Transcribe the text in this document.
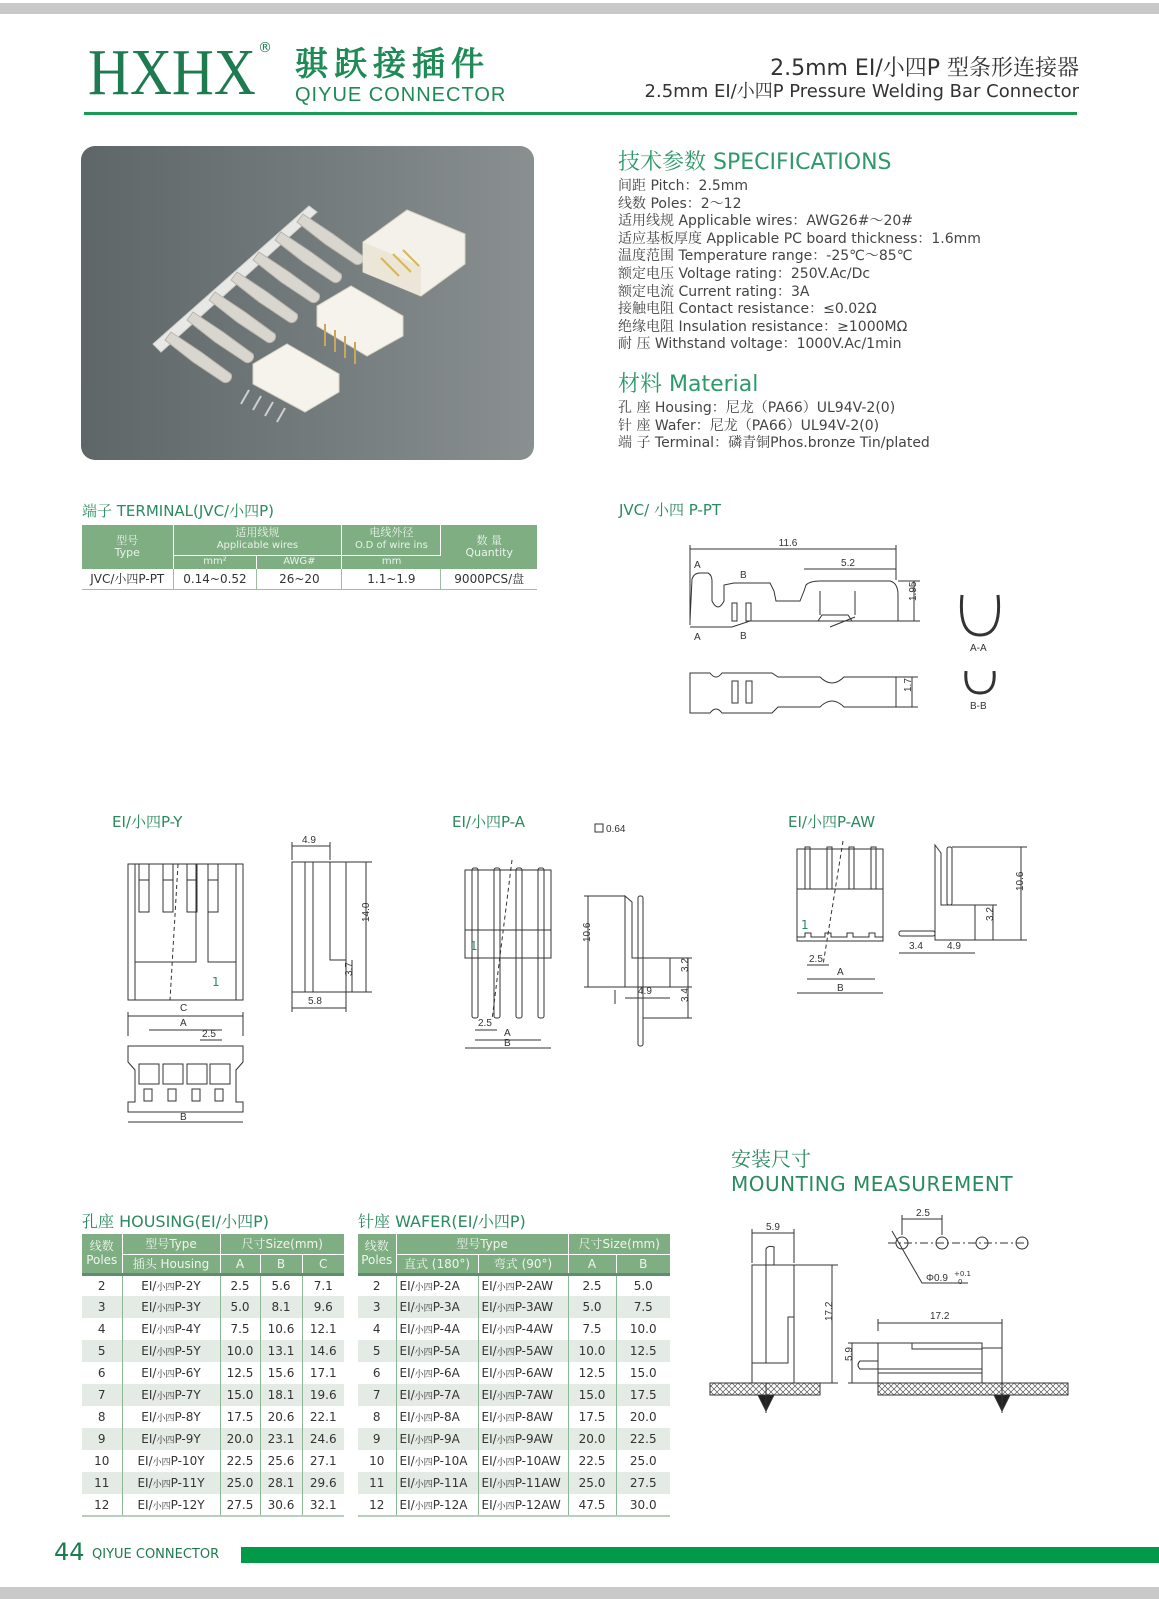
HXHX ® 骐跃接插件
QIYUE CONNECTOR
2.5mm EI/小四P 型条形连接器
2.5mm EI/小四P Pressure Welding Bar Connector
技术参数 SPECIFICATIONS
间距 Pitch：2.5mm
线数 Poles：2～12
适用线规 Applicable wires：AWG26#～20#
适应基板厚度 Applicable PC board thickness：1.6mm
温度范围 Temperature range：-25℃～85℃
额定电压 Voltage rating：250V.Ac/Dc
额定电流 Current rating：3A
接触电阻 Contact resistance：≤0.02Ω
绝缘电阻 Insulation resistance：≥1000MΩ
耐 压 Withstand voltage：1000V.Ac/1min
材料 Material
孔 座 Housing：尼龙（PA66）UL94V-2(0)
针 座 Wafer：尼龙（PA66）UL94V-2(0)
端 子 Terminal：磷青铜Phos.bronze Tin/plated
端子 TERMINAL(JVC/小四P)
型号
Type	适用线规
Applicable wires		电线外径
O.D of wire ins	数 量
Quantity
	mm²	AWG#	mm	
JVC/小四P-PT	0.14~0.52	26~20	1.1~1.9	9000PCS/盘
JVC/ 小四 P-PT
11.6
5.2
1.95
A
B
A	B
1.7
A-A
B-B
EI/小四P-Y
1
4.9
14.0
3.7
5.8
C
A
2.5
B
EI/小四P-A
1
2.5
A
B
0.64
10.6
3.2
3.4
4.9
EI/小四P-AW
1
2.5
A
B
10.6
3.2
3.4 4.9
安装尺寸
MOUNTING MEASUREMENT
5.9
17.2
2.5
Φ0.9 +0.1
0
17.2
5.9
孔座 HOUSING(EI/小四P)
线数
Poles	型号Type	尺寸Size(mm)		
	插头 Housing	A	B	C
2	EI/小四P-2Y	2.5	5.6	7.1
3	EI/小四P-3Y	5.0	8.1	9.6
4	EI/小四P-4Y	7.5	10.6	12.1
5	EI/小四P-5Y	10.0	13.1	14.6
6	EI/小四P-6Y	12.5	15.6	17.1
7	EI/小四P-7Y	15.0	18.1	19.6
8	EI/小四P-8Y	17.5	20.6	22.1
9	EI/小四P-9Y	20.0	23.1	24.6
10	EI/小四P-10Y	22.5	25.6	27.1
11	EI/小四P-11Y	25.0	28.1	29.6
12	EI/小四P-12Y	27.5	30.6	32.1
针座 WAFER(EI/小四P)
线数
Poles	型号Type		尺寸Size(mm)	
	直式 (180°)	弯式 (90°)	A	B
2	EI/小四P-2A	EI/小四P-2AW	2.5	5.0
3	EI/小四P-3A	EI/小四P-3AW	5.0	7.5
4	EI/小四P-4A	EI/小四P-4AW	7.5	10.0
5	EI/小四P-5A	EI/小四P-5AW	10.0	12.5
6	EI/小四P-6A	EI/小四P-6AW	12.5	15.0
7	EI/小四P-7A	EI/小四P-7AW	15.0	17.5
8	EI/小四P-8A	EI/小四P-8AW	17.5	20.0
9	EI/小四P-9A	EI/小四P-9AW	20.0	22.5
10	EI/小四P-10A	EI/小四P-10AW	22.5	25.0
11	EI/小四P-11A	EI/小四P-11AW	25.0	27.5
12	EI/小四P-12A	EI/小四P-12AW	47.5	30.0
44 QIYUE CONNECTOR
